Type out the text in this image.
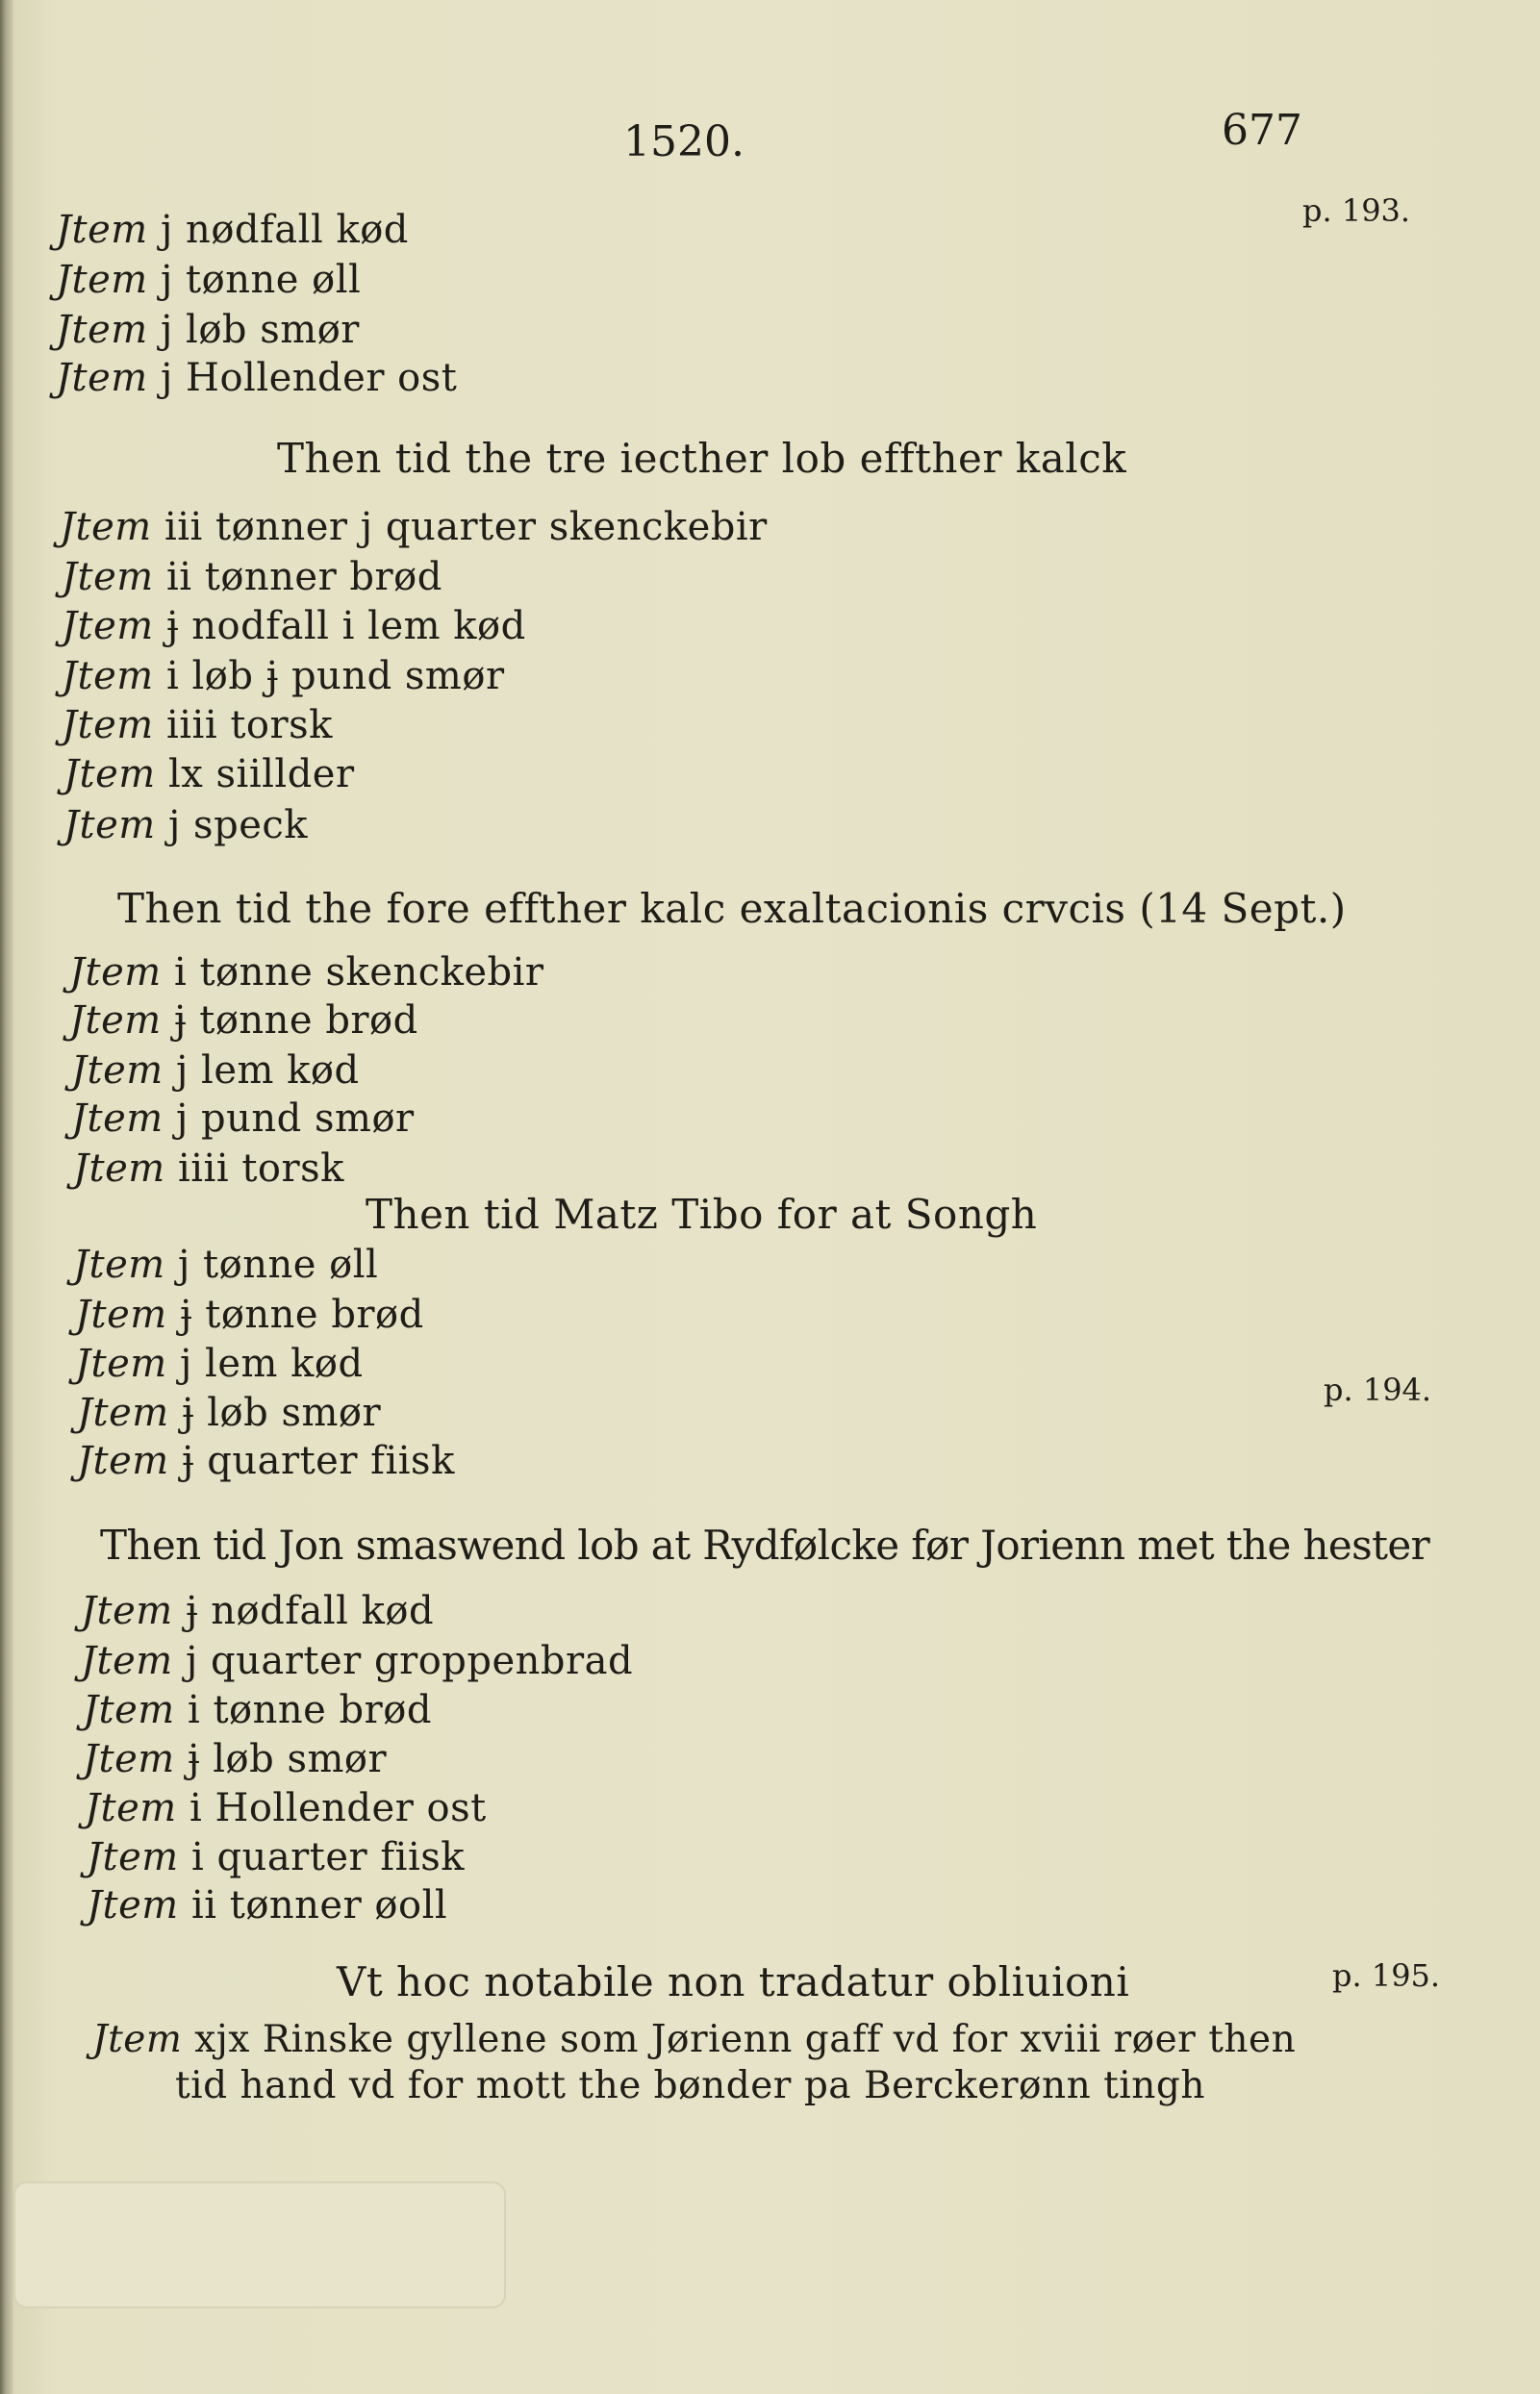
1520.	677
p. 193.
p. 194.
p. 195.
Jtem j nødfall kød
Jtem j tønne øll
Jtem j løb smør
Jtem j Hollender ost
Then tid the tre iecther lob effther kalck
Jtem iii tønner j quarter skenckebir
Jtem ii tønner brød
Jtem ɉ nodfall i lem kød
Jtem i løb ɉ pund smør
Jtem iiii torsk
Jtem lx siillder
Jtem j speck
Then tid the fore effther kalc exaltacionis crvcis (14 Sept.)
Jtem i tønne skenckebir
Jtem ɉ tønne brød
Jtem j lem kød
Jtem j pund smør
Jtem iiii torsk
Then tid Matz Tibo for at Songh
Jtem j tønne øll
Jtem ɉ tønne brød
Jtem j lem kød
Jtem ɉ løb smør
Jtem ɉ quarter fiisk
Then tid Jon smaswend lob at Rydfølcke før Jorienn met the hester
Jtem ɉ nødfall kød
Jtem j quarter groppenbrad
Jtem i tønne brød
Jtem ɉ løb smør
Jtem i Hollender ost
Jtem i quarter fiisk
Jtem ii tønner øoll
Vt hoc notabile non tradatur obliuioni
Jtem xjx Rinske gyllene som Jørienn gaff vd for xviii røer then
tid hand vd for mott the bønder pa Berckerønn tingh
